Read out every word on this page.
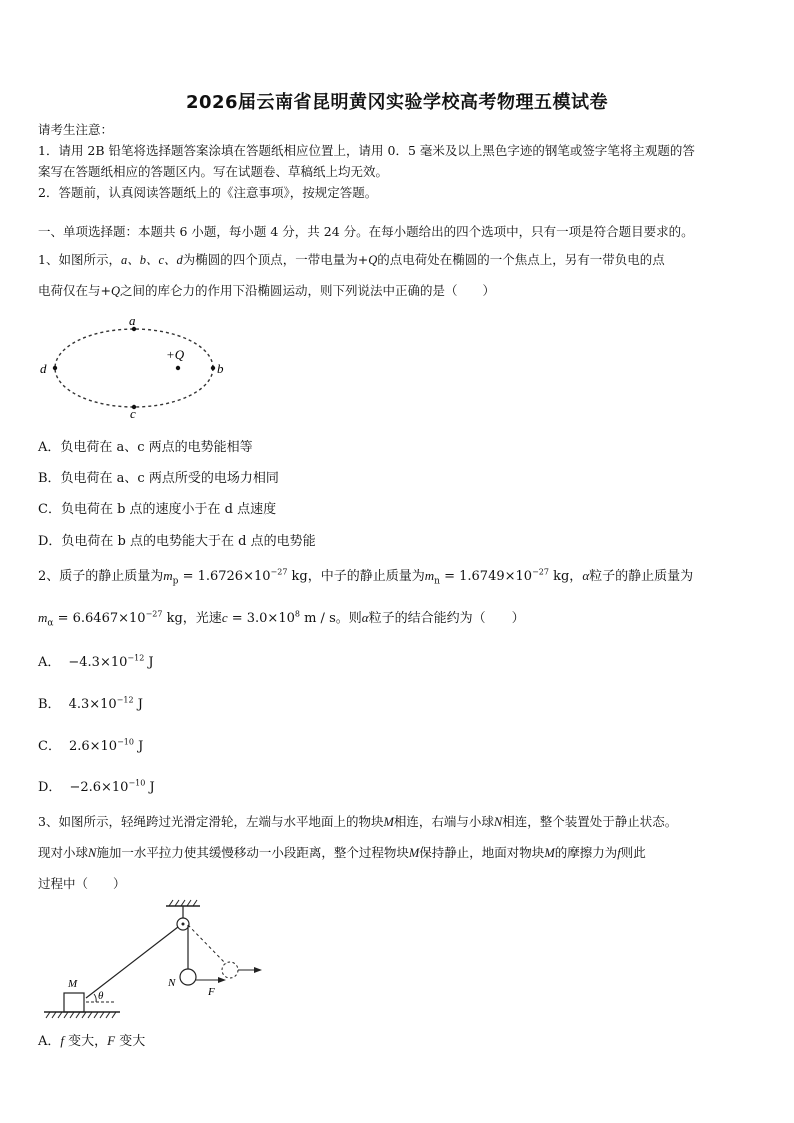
2026届云南省昆明黄冈实验学校高考物理五模试卷
请考生注意：
1．请用 2B 铅笔将选择题答案涂填在答题纸相应位置上，请用 0．5 毫米及以上黑色字迹的钢笔或签字笔将主观题的答
案写在答题纸相应的答题区内。写在试题卷、草稿纸上均无效。
2．答题前，认真阅读答题纸上的《注意事项》，按规定答题。
一、单项选择题：本题共 6 小题，每小题 4 分，共 24 分。在每小题给出的四个选项中，只有一项是符合题目要求的。
1、如图所示，a、b、c、d为椭圆的四个顶点，一带电量为+Q的点电荷处在椭圆的一个焦点上，另有一带负电的点
电荷仅在与+Q之间的库仑力的作用下沿椭圆运动，则下列说法中正确的是（　　）
a
c
d	b
+Q
A．负电荷在 a、c 两点的电势能相等
B．负电荷在 a、c 两点所受的电场力相同
C．负电荷在 b 点的速度小于在 d 点速度
D．负电荷在 b 点的电势能大于在 d 点的电势能
2、质子的静止质量为$m_p = 1.6726\times 10^{-27}$ kg，中子的静止质量为$m_n = 1.6749\times 10^{-27}$ kg，α粒子的静止质量为
$m_\alpha = 6.6467\times 10^{-27}$ kg，光速$c = 3.0\times 10^8$ m / s。则α粒子的结合能约为（　　）
A． $-4.3\times 10^{-12}$ J
B． $4.3\times 10^{-12}$ J
C． $2.6\times 10^{-10}$ J
D． $-2.6\times 10^{-10}$ J
3、如图所示，轻绳跨过光滑定滑轮，左端与水平地面上的物块M相连，右端与小球N相连，整个装置处于静止状态。
现对小球N施加一水平拉力使其缓慢移动一小段距离，整个过程物块M保持静止，地面对物块M的摩擦力为f则此
过程中（　　）
M	N
F
θ
A．f 变大，F 变大
